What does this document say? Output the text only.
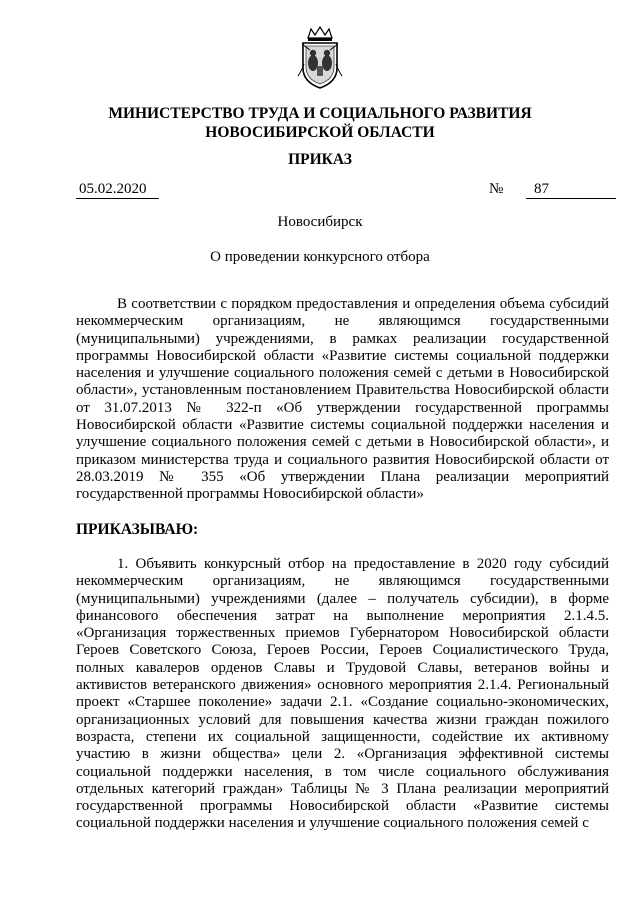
МИНИСТЕРСТВО ТРУДА И СОЦИАЛЬНОГО РАЗВИТИЯ
НОВОСИБИРСКОЙ ОБЛАСТИ
ПРИКАЗ
05.02.2020	№	87
Новосибирск
О проведении конкурсного отбора
В соответствии с порядком предоставления и определения объема субсидий некоммерческим организациям, не являющимся государственными (муниципальными) учреждениями, в рамках реализации государственной программы Новосибирской области «Развитие системы социальной поддержки населения и улучшение социального положения семей с детьми в Новосибирской области», установленным постановлением Правительства Новосибирской области от 31.07.2013 № 322-п «Об утверждении государственной программы Новосибирской области «Развитие системы социальной поддержки населения и улучшение социального положения семей с детьми в Новосибирской области», и приказом министерства труда и социального развития Новосибирской области от 28.03.2019 № 355 «Об утверждении Плана реализации мероприятий государственной программы Новосибирской области»
ПРИКАЗЫВАЮ:
1. Объявить конкурсный отбор на предоставление в 2020 году субсидий некоммерческим организациям, не являющимся государственными (муниципальными) учреждениями (далее – получатель субсидии), в форме финансового обеспечения затрат на выполнение мероприятия 2.1.4.5. «Организация торжественных приемов Губернатором Новосибирской области Героев Советского Союза, Героев России, Героев Социалистического Труда, полных кавалеров орденов Славы и Трудовой Славы, ветеранов войны и активистов ветеранского движения» основного мероприятия 2.1.4. Региональный проект «Старшее поколение» задачи 2.1. «Создание социально-экономических, организационных условий для повышения качества жизни граждан пожилого возраста, степени их социальной защищенности, содействие их активному участию в жизни общества» цели 2. «Организация эффективной системы социальной поддержки населения, в том числе социального обслуживания отдельных категорий граждан» Таблицы № 3 Плана реализации мероприятий государственной программы Новосибирской области «Развитие системы социальной поддержки населения и улучшение социального положения семей с
